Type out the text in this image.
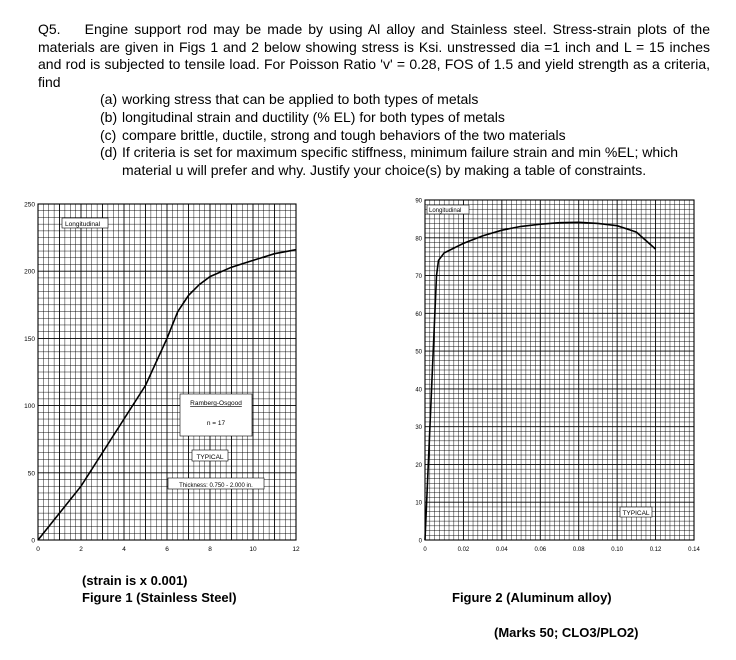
Q5. Engine support rod may be made by using Al alloy and Stainless steel. Stress-strain plots of the materials are given in Figs 1 and 2 below showing stress is Ksi. unstressed dia =1 inch and L = 15 inches and rod is subjected to tensile load. For Poisson Ratio 'v' = 0.28, FOS of 1.5 and yield strength as a criteria, find

(a) working stress that can be applied to both types of metals
(b) longitudinal strain and ductility (% EL) for both types of metals
(c) compare brittle, ductile, strong and tough behaviors of the two materials
(d) If criteria is set for maximum specific stiffness, minimum failure strain and min %EL; which material u will prefer and why. Justify your choice(s) by making a table of constraints.
0	2	4	6	8	10	12
0
50
100
150
200
250
Longitudinal
Ramberg-Osgood
n = 17
TYPICAL
Thickness: 0.750 - 2.000 in.
0	0.02	0.04	0.06	0.08	0.10	0.12	0.14
0
10
20
30
40
50
60
70
80
90
Longitudinal
TYPICAL
(strain is x 0.001)
Figure 1 (Stainless Steel)	Figure 2 (Aluminum alloy)
(Marks 50; CLO3/PLO2)
